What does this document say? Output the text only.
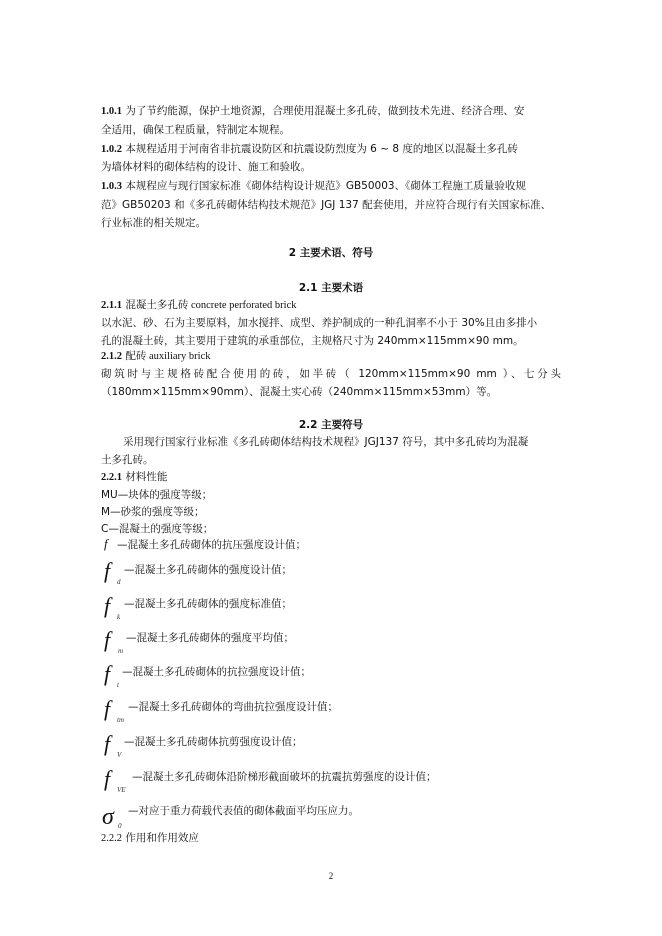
1.0.1 为了节约能源，保护土地资源，合理使用混凝土多孔砖，做到技术先进、经济合理、安
全适用，确保工程质量，特制定本规程。
1.0.2 本规程适用于河南省非抗震设防区和抗震设防烈度为 6 ~ 8 度的地区以混凝土多孔砖
为墙体材料的砌体结构的设计、施工和验收。
1.0.3 本规程应与现行国家标准《砌体结构设计规范》GB50003、《砌体工程施工质量验收规
范》GB50203 和《多孔砖砌体结构技术规范》JGJ 137 配套使用，并应符合现行有关国家标准、
行业标准的相关规定。
2 主要术语、符号
2.1 主要术语
2.1.1 混凝土多孔砖 concrete perforated brick
以水泥、砂、石为主要原料，加水搅拌、成型、养护制成的一种孔洞率不小于 30%且由多排小
孔的混凝土砖，其主要用于建筑的承重部位，主规格尺寸为 240mm×115mm×90 mm。
2.1.2 配砖 auxiliary brick
砌筑时与主规格砖配合使用的砖，如半砖（ 120mm×115mm×90 mm ）、七分头
（180mm×115mm×90mm）、混凝土实心砖（240mm×115mm×53mm）等。
2.2 主要符号
采用现行国家行业标准《多孔砖砌体结构技术规程》JGJ137 符号，其中多孔砖均为混凝
土多孔砖。
2.2.1 材料性能
MU—块体的强度等级；
M—砂浆的强度等级；
C—混凝土的强度等级；
f —混凝土多孔砖砌体的抗压强度设计值；
f d
—混凝土多孔砖砌体的强度设计值；
f k
—混凝土多孔砖砌体的强度标准值；
f m
—混凝土多孔砖砌体的强度平均值；
f t
—混凝土多孔砖砌体的抗拉强度设计值；
f tm
—混凝土多孔砖砌体的弯曲抗拉强度设计值；
f V
—混凝土多孔砖砌体抗剪强度设计值；
f VE
—混凝土多孔砖砌体沿阶梯形截面破坏的抗震抗剪强度的设计值；
σ 0
—对应于重力荷载代表值的砌体截面平均压应力。
2.2.2 作用和作用效应
2
